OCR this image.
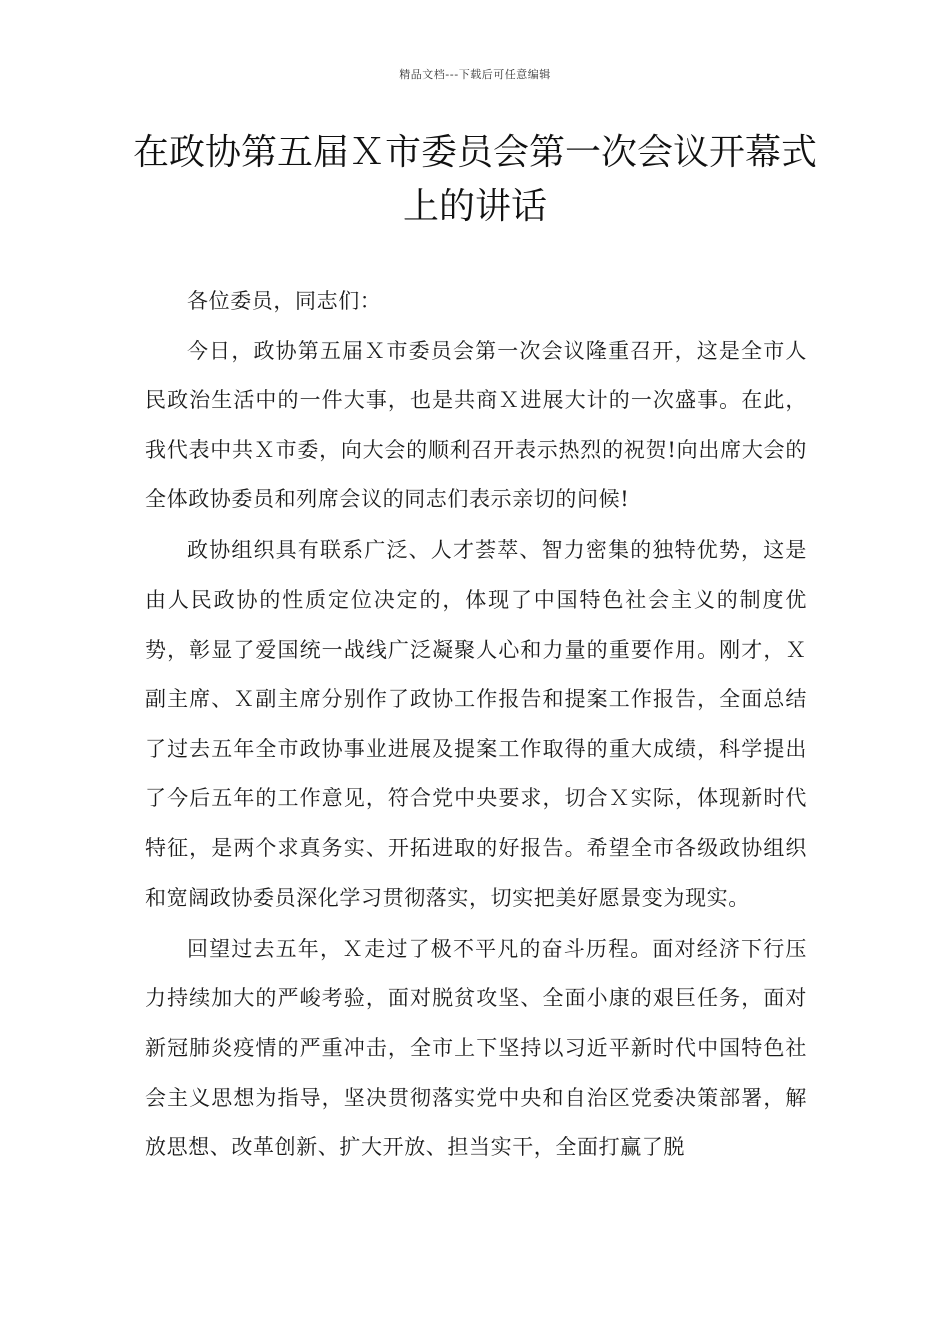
精品文档---下载后可任意编辑
在政协第五届Ｘ市委员会第一次会议开幕式上的讲话

各位委员，同志们：

今日，政协第五届Ｘ市委员会第一次会议隆重召开，这是全市人民政治生活中的一件大事，也是共商Ｘ进展大计的一次盛事。在此，我代表中共Ｘ市委，向大会的顺利召开表示热烈的祝贺!向出席大会的全体政协委员和列席会议的同志们表示亲切的问候!

政协组织具有联系广泛、人才荟萃、智力密集的独特优势，这是由人民政协的性质定位决定的，体现了中国特色社会主义的制度优势，彰显了爱国统一战线广泛凝聚人心和力量的重要作用。刚才，Ｘ副主席、Ｘ副主席分别作了政协工作报告和提案工作报告，全面总结了过去五年全市政协事业进展及提案工作取得的重大成绩，科学提出了今后五年的工作意见，符合党中央要求，切合Ｘ实际，体现新时代特征，是两个求真务实、开拓进取的好报告。希望全市各级政协组织和宽阔政协委员深化学习贯彻落实，切实把美好愿景变为现实。

回望过去五年，Ｘ走过了极不平凡的奋斗历程。面对经济下行压力持续加大的严峻考验，面对脱贫攻坚、全面小康的艰巨任务，面对新冠肺炎疫情的严重冲击，全市上下坚持以习近平新时代中国特色社会主义思想为指导，坚决贯彻落实党中央和自治区党委决策部署，解放思想、改革创新、扩大开放、担当实干，全面打赢了脱
